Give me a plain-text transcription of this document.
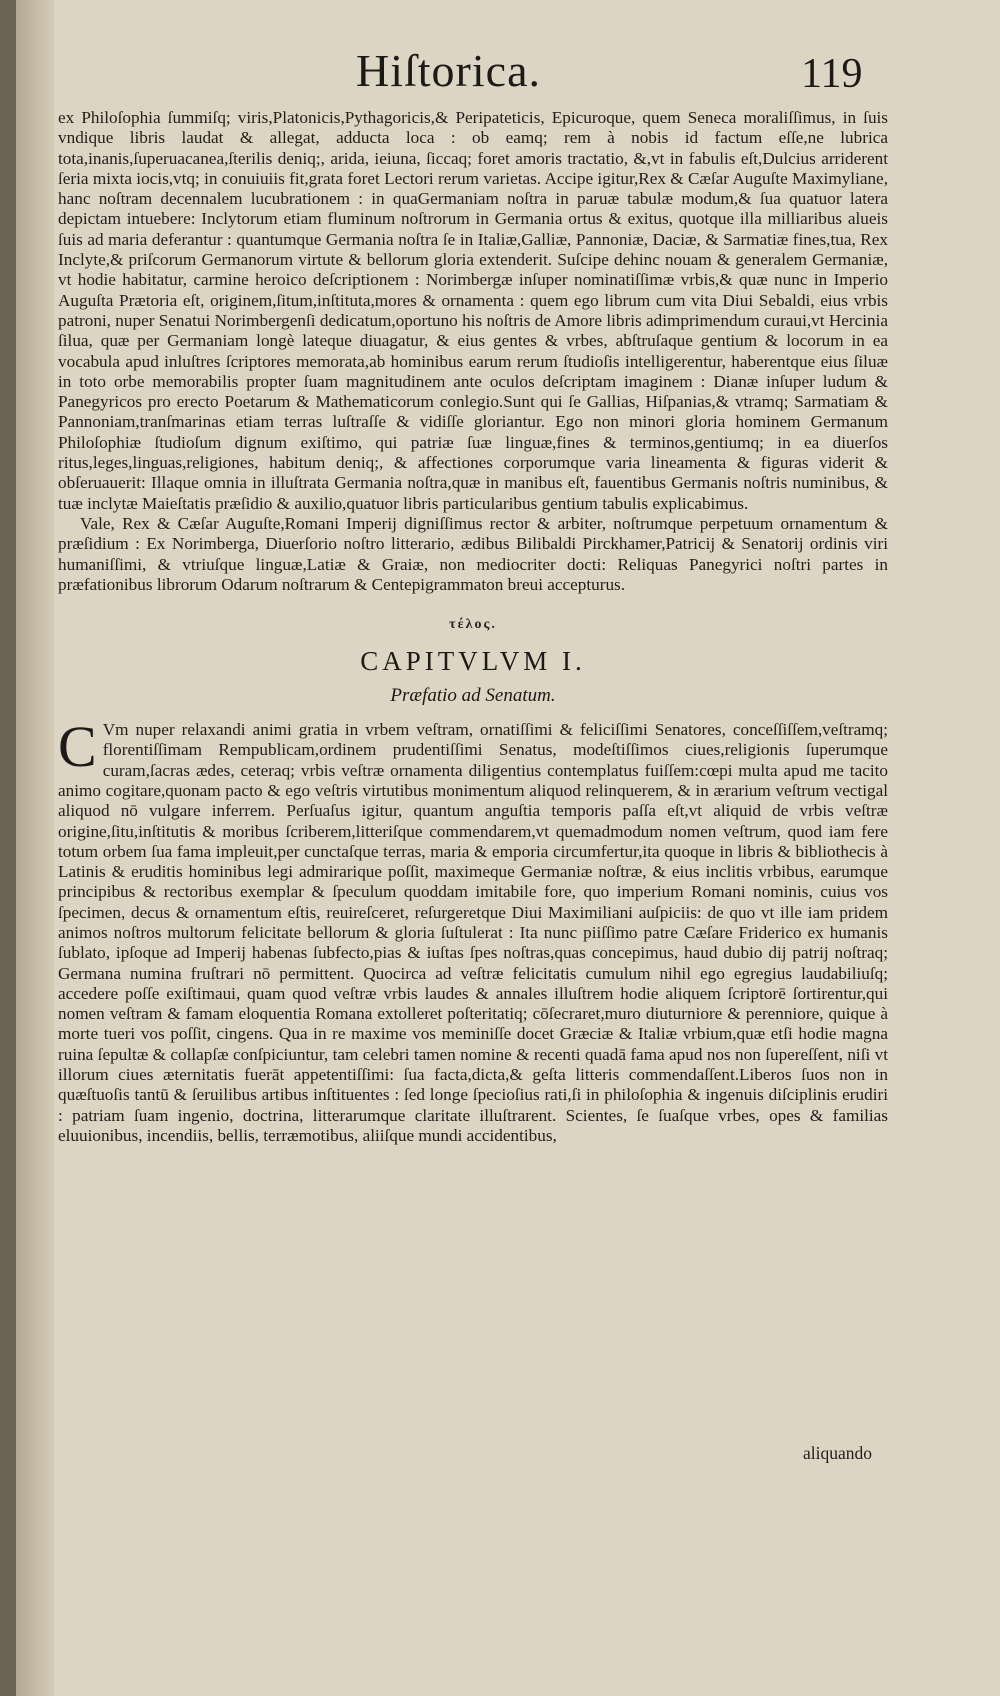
Hiſtorica.	119

ex Philoſophia ſummiſq; viris,Platonicis,Pythagoricis,& Peripateticis, Epicuroque, quem Seneca moraliſſimus, in ſuis vndique libris laudat & allegat, adducta loca : ob eamq; rem à nobis id factum eſſe,ne lubrica tota,inanis,ſuperuacanea,ſterilis deniq;, arida, ieiuna, ſiccaq; foret amoris tractatio, &,vt in fabulis eſt,Dulcius arriderent ſeria mixta iocis,vtq; in conuiuiis fit,grata foret Lectori rerum varietas. Accipe igitur,Rex & Cæſar Auguſte Maximyliane, hanc noſtram decennalem lucubrationem : in quaGermaniam noſtra in paruæ tabulæ modum,& ſua quatuor latera depictam intuebere: Inclytorum etiam fluminum noſtrorum in Germania ortus & exitus, quotque illa milliaribus alueis ſuis ad maria deferantur : quantumque Germania noſtra ſe in Italiæ,Galliæ, Pannoniæ, Daciæ, & Sarmatiæ fines,tua, Rex Inclyte,& priſcorum Germanorum virtute & bellorum gloria extenderit. Suſcipe dehinc nouam & generalem Germaniæ, vt hodie habitatur, carmine heroico deſcriptionem : Norimbergæ inſuper nominatiſſimæ vrbis,& quæ nunc in Imperio Auguſta Prætoria eſt, originem,ſitum,inſtituta,mores & ornamenta : quem ego librum cum vita Diui Sebaldi, eius vrbis patroni, nuper Senatui Norimbergenſi dedicatum,oportuno his noſtris de Amore libris adimprimendum curaui,vt Hercinia ſilua, quæ per Germaniam longè lateque diuagatur, & eius gentes & vrbes, abſtruſaque gentium & locorum in ea vocabula apud inluſtres ſcriptores memorata,ab hominibus earum rerum ſtudioſis intelligerentur, haberentque eius ſiluæ in toto orbe memorabilis propter ſuam magnitudinem ante oculos deſcriptam imaginem : Dianæ inſuper ludum & Panegyricos pro erecto Poetarum & Mathematicorum conlegio.Sunt qui ſe Gallias, Hiſpanias,& vtramq; Sarmatiam & Pannoniam,tranſmarinas etiam terras luſtraſſe & vidiſſe gloriantur. Ego non minori gloria hominem Germanum Philoſophiæ ſtudioſum dignum exiſtimo, qui patriæ ſuæ linguæ,fines & terminos,gentiumq; in ea diuerſos ritus,leges,linguas,religiones, habitum deniq;, & affectiones corporumque varia lineamenta & figuras viderit & obſeruauerit: Illaque omnia in illuſtrata Germania noſtra,quæ in manibus eſt, fauentibus Germanis noſtris numinibus, & tuæ inclytæ Maieſtatis præſidio & auxilio,quatuor libris particularibus gentium tabulis explicabimus.

Vale, Rex & Cæſar Auguſte,Romani Imperij digniſſimus rector & arbiter, noſtrumque perpetuum ornamentum & præſidium : Ex Norimberga, Diuerſorio noſtro litterario, ædibus Bilibaldi Pirckhamer,Patricij & Senatorij ordinis viri humaniſſimi, & vtriuſque linguæ,Latiæ & Graiæ, non mediocriter docti: Reliquas Panegyrici noſtri partes in præfationibus librorum Odarum noſtrarum & Centepigrammaton breui accepturus.

τέλος.
CAPITVLVM I.
Præfatio ad Senatum.

C Vm nuper relaxandi animi gratia in vrbem veſtram, ornatiſſimi & feliciſſimi Senatores, conceſſiſſem,veſtramq; florentiſſimam Rempublicam,ordinem prudentiſſimi Senatus, modeſtiſſimos ciues,religionis ſuperumque curam,ſacras ædes, ceteraq; vrbis veſtræ ornamenta diligentius contemplatus fuiſſem:cœpi multa apud me tacito animo cogitare,quonam pacto & ego veſtris virtutibus monimentum aliquod relinquerem, & in ærarium veſtrum vectigal aliquod nō vulgare inferrem. Perſuaſus igitur, quantum anguſtia temporis paſſa eſt,vt aliquid de vrbis veſtræ origine,ſitu,inſtitutis & moribus ſcriberem,litteriſque commendarem,vt quemadmodum nomen veſtrum, quod iam fere totum orbem ſua fama impleuit,per cunctaſque terras, maria & emporia circumfertur,ita quoque in libris & bibliothecis à Latinis & eruditis hominibus legi admirarique poſſit, maximeque Germaniæ noſtræ, & eius inclitis vrbibus, earumque principibus & rectoribus exemplar & ſpeculum quoddam imitabile fore, quo imperium Romani nominis, cuius vos ſpecimen, decus & ornamentum eſtis, reuireſceret, reſurgeretque Diui Maximiliani auſpiciis: de quo vt ille iam pridem animos noſtros multorum felicitate bellorum & gloria ſuſtulerat : Ita nunc piiſſimo patre Cæſare Friderico ex humanis ſublato, ipſoque ad Imperij habenas ſubfecto,pias & iuſtas ſpes noſtras,quas concepimus, haud dubio dij patrij noſtraq; Germana numina fruſtrari nō permittent. Quocirca ad veſtræ felicitatis cumulum nihil ego egregius laudabiliuſq; accedere poſſe exiſtimaui, quam quod veſtræ vrbis laudes & annales illuſtrem hodie aliquem ſcriptorē ſortirentur,qui nomen veſtram & famam eloquentia Romana extolleret poſteritatiq; cōſecraret,muro diuturniore & perenniore, quique à morte tueri vos poſſit, cingens. Qua in re maxime vos meminiſſe docet Græciæ & Italiæ vrbium,quæ etſi hodie magna ruina ſepultæ & collapſæ conſpiciuntur, tam celebri tamen nomine & recenti quadā fama apud nos non ſupereſſent, niſi vt illorum ciues æternitatis fuerāt appetentiſſimi: ſua facta,dicta,& geſta litteris commendaſſent.Liberos ſuos non in quæſtuoſis tantū & ſeruilibus artibus inſtituentes : ſed longe ſpecioſius rati,ſi in philoſophia & ingenuis diſciplinis erudiri : patriam ſuam ingenio, doctrina, litterarumque claritate illuſtrarent. Scientes, ſe ſuaſque vrbes, opes & familias eluuionibus, incendiis, bellis, terræmotibus, aliiſque mundi accidentibus,

aliquando
